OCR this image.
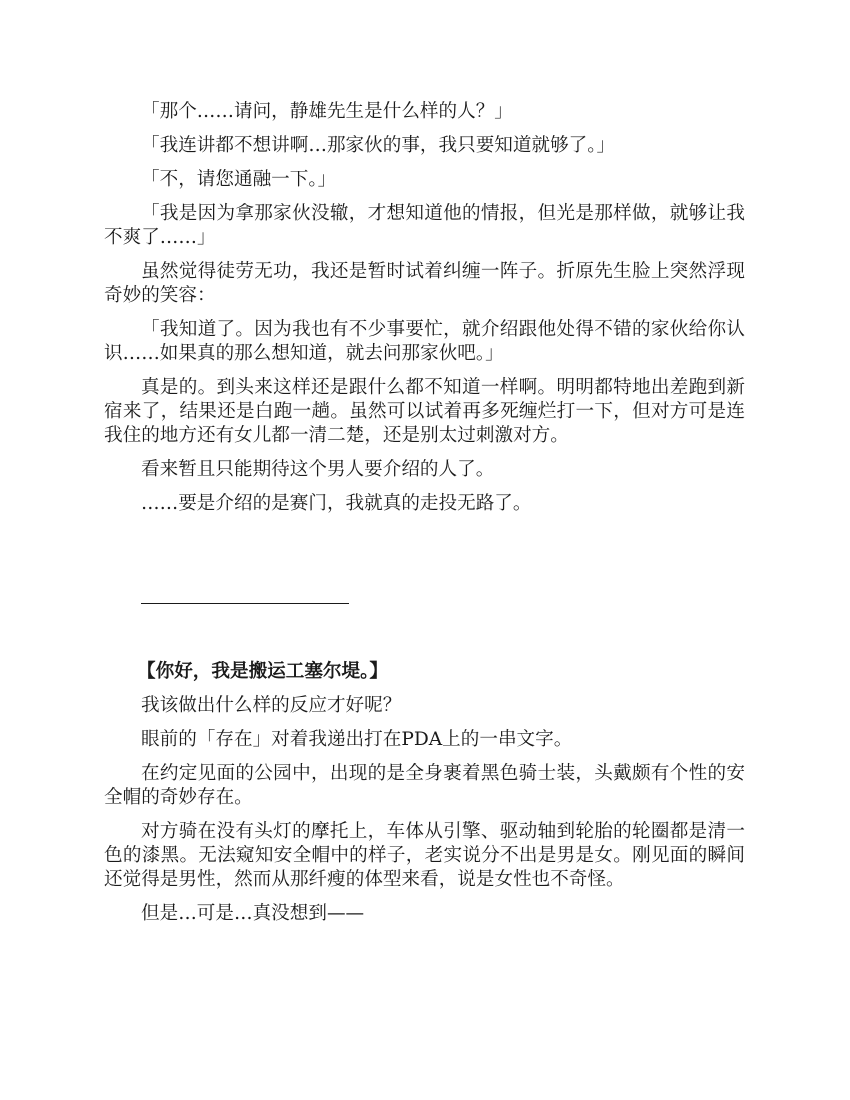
「那个……请问，静雄先生是什么样的人？」

「我连讲都不想讲啊…那家伙的事，我只要知道就够了。」

「不，请您通融一下。」

「我是因为拿那家伙没辙，才想知道他的情报，但光是那样做，就够让我不爽了……」

虽然觉得徒劳无功，我还是暂时试着纠缠一阵子。折原先生脸上突然浮现奇妙的笑容：

「我知道了。因为我也有不少事要忙，就介绍跟他处得不错的家伙给你认识……如果真的那么想知道，就去问那家伙吧。」

真是的。到头来这样还是跟什么都不知道一样啊。明明都特地出差跑到新宿来了，结果还是白跑一趟。虽然可以试着再多死缠烂打一下，但对方可是连我住的地方还有女儿都一清二楚，还是别太过刺激对方。

看来暂且只能期待这个男人要介绍的人了。

……要是介绍的是赛门，我就真的走投无路了。

【你好，我是搬运工塞尔堤。】

我该做出什么样的反应才好呢？

眼前的「存在」对着我递出打在PDA上的一串文字。

在约定见面的公园中，出现的是全身裹着黑色骑士装，头戴颇有个性的安全帽的奇妙存在。

对方骑在没有头灯的摩托上，车体从引擎、驱动轴到轮胎的轮圈都是清一色的漆黑。无法窥知安全帽中的样子，老实说分不出是男是女。刚见面的瞬间还觉得是男性，然而从那纤瘦的体型来看，说是女性也不奇怪。

但是…可是…真没想到——
